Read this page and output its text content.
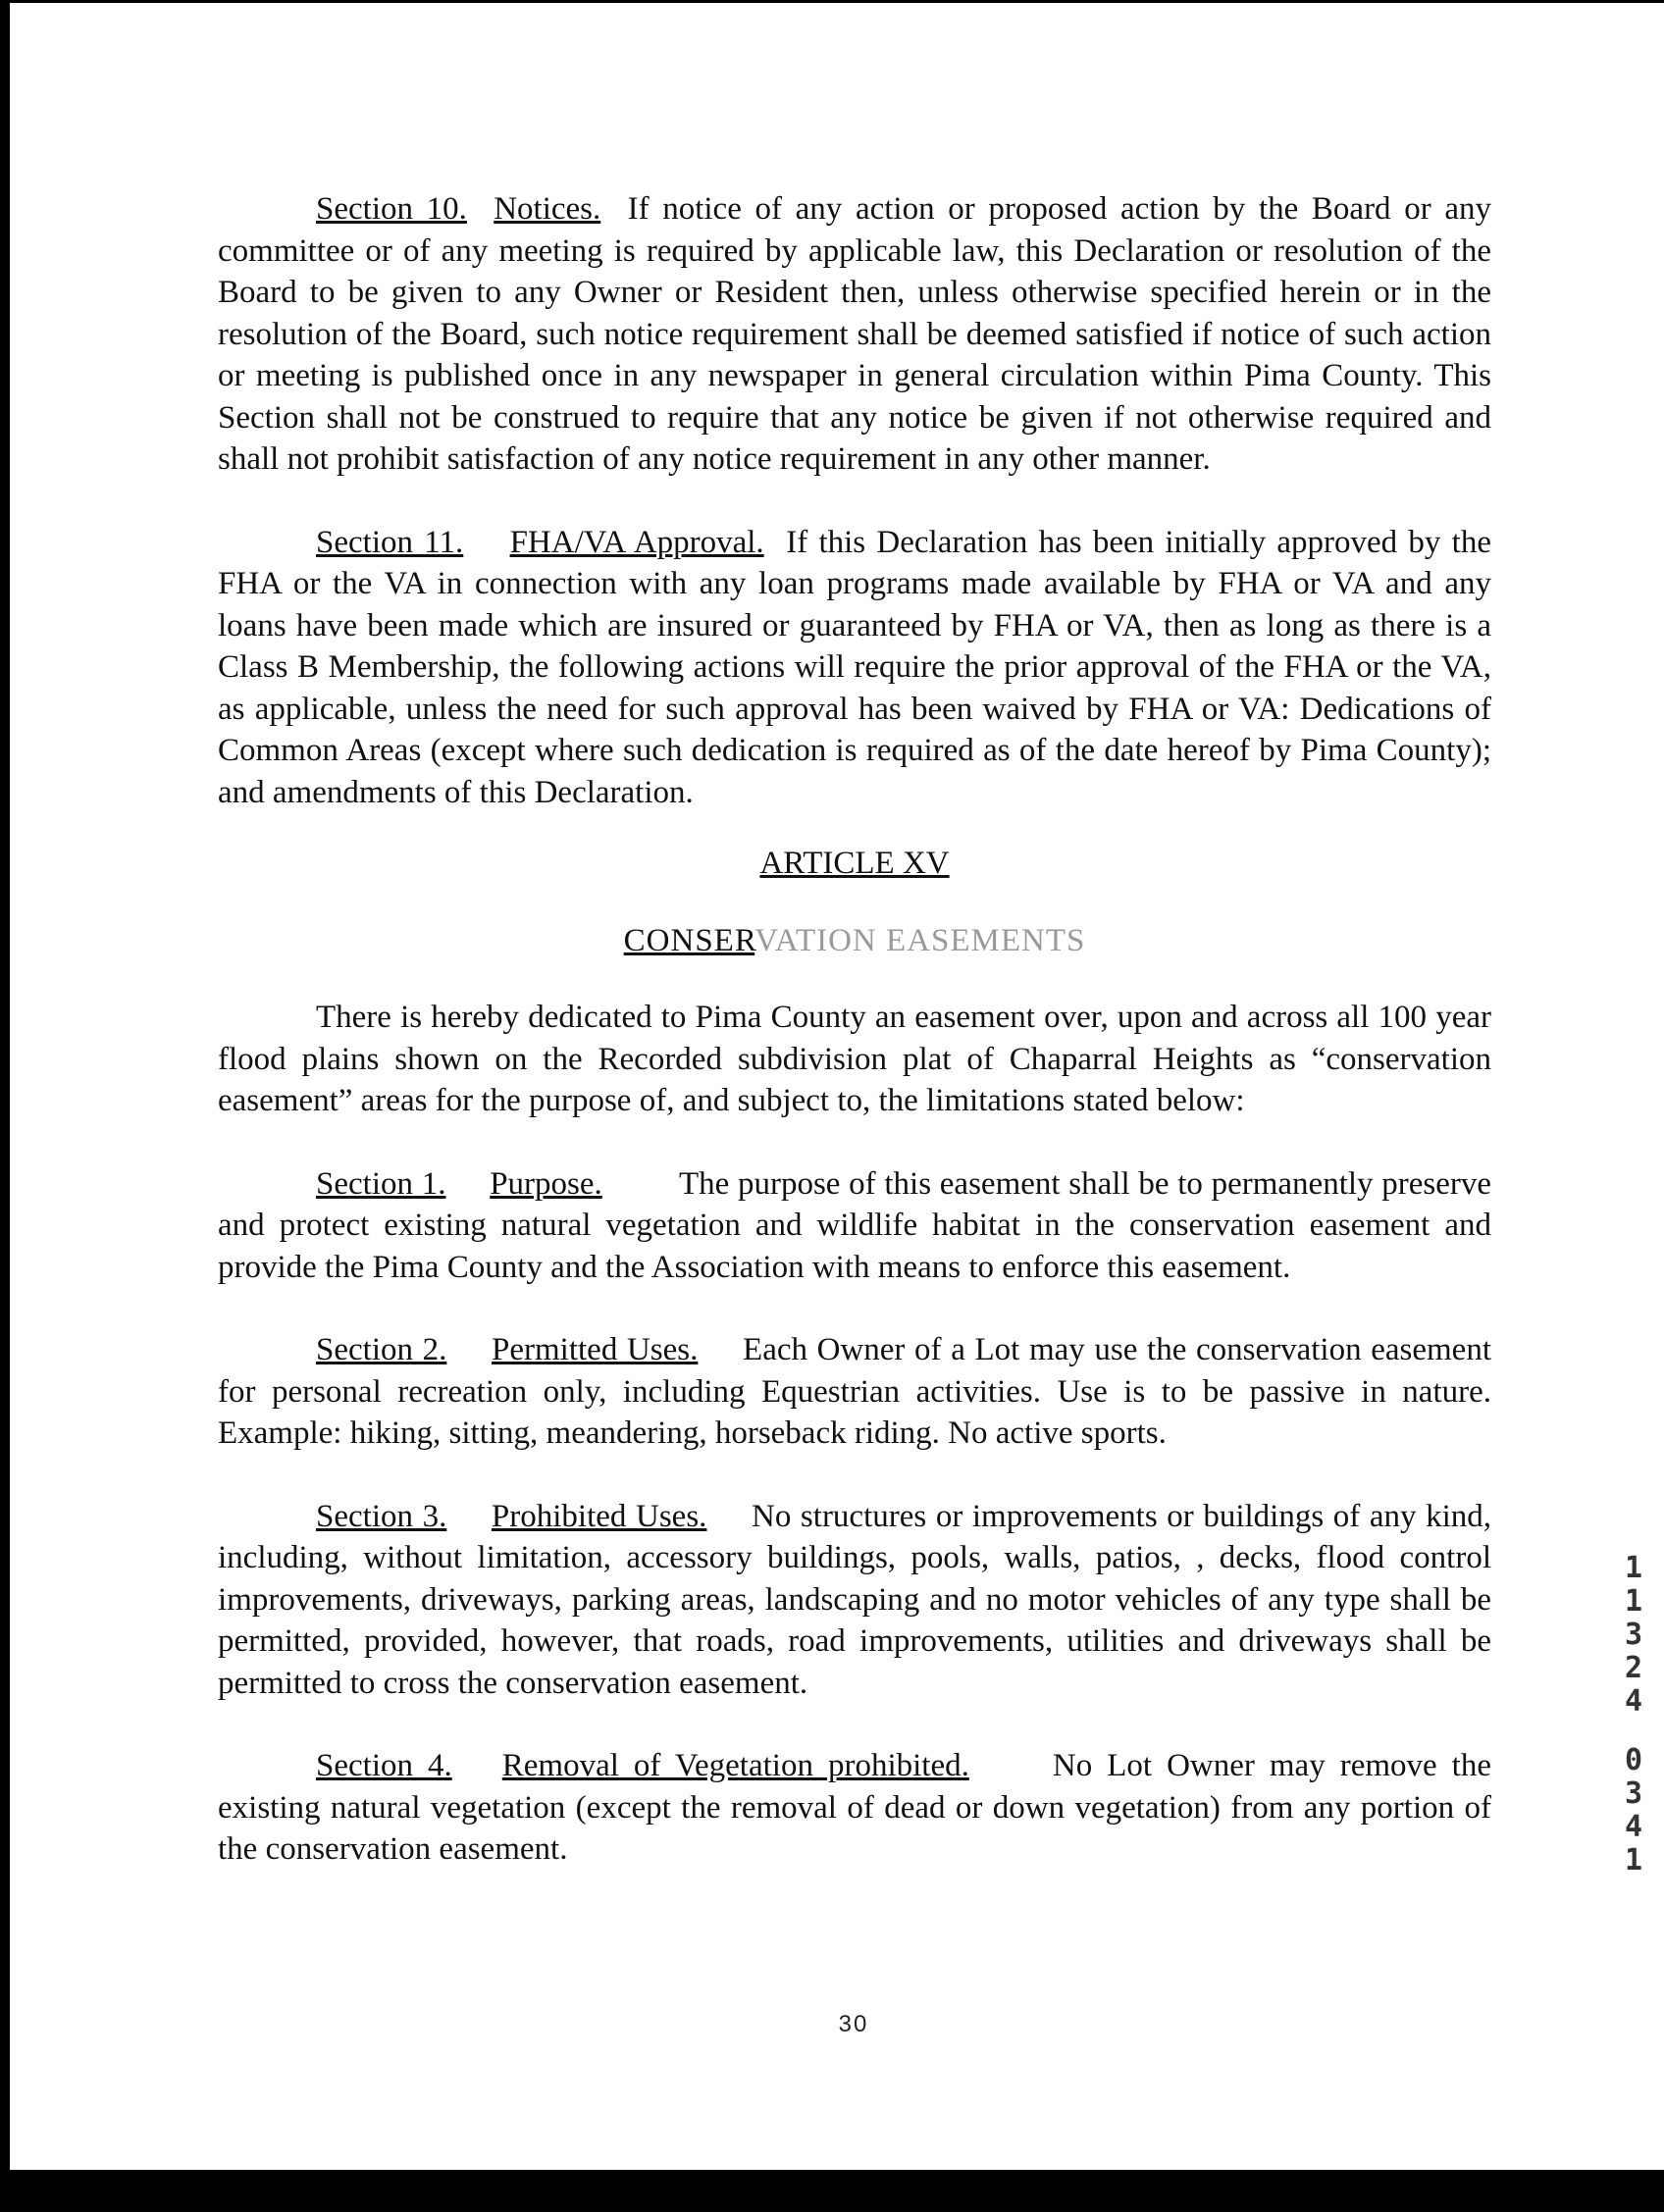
Section 10. Notices. If notice of any action or proposed action by the Board or any committee or of any meeting is required by applicable law, this Declaration or resolution of the Board to be given to any Owner or Resident then, unless otherwise specified herein or in the resolution of the Board, such notice requirement shall be deemed satisfied if notice of such action or meeting is published once in any newspaper in general circulation within Pima County. This Section shall not be construed to require that any notice be given if not otherwise required and shall not prohibit satisfaction of any notice requirement in any other manner.

Section 11. FHA/VA Approval. If this Declaration has been initially approved by the FHA or the VA in connection with any loan programs made available by FHA or VA and any loans have been made which are insured or guaranteed by FHA or VA, then as long as there is a Class B Membership, the following actions will require the prior approval of the FHA or the VA, as applicable, unless the need for such approval has been waived by FHA or VA: Dedications of Common Areas (except where such dedication is required as of the date hereof by Pima County); and amendments of this Declaration.

ARTICLE XV

CONSERVATION EASEMENTS

There is hereby dedicated to Pima County an easement over, upon and across all 100 year flood plains shown on the Recorded subdivision plat of Chaparral Heights as “conservation easement” areas for the purpose of, and subject to, the limitations stated below:

Section 1. Purpose. The purpose of this easement shall be to permanently preserve and protect existing natural vegetation and wildlife habitat in the conservation easement and provide the Pima County and the Association with means to enforce this easement.

Section 2. Permitted Uses. Each Owner of a Lot may use the conservation easement for personal recreation only, including Equestrian activities. Use is to be passive in nature. Example: hiking, sitting, meandering, horseback riding. No active sports.

Section 3. Prohibited Uses. No structures or improvements or buildings of any kind, including, without limitation, accessory buildings, pools, walls, patios, , decks, flood control improvements, driveways, parking areas, landscaping and no motor vehicles of any type shall be permitted, provided, however, that roads, road improvements, utilities and driveways shall be permitted to cross the conservation easement.

Section 4. Removal of Vegetation prohibited.	No Lot Owner may remove the existing natural vegetation (except the removal of dead or down vegetation) from any portion of the conservation easement.

30
1
1
3
2
4
0
3
4
1
